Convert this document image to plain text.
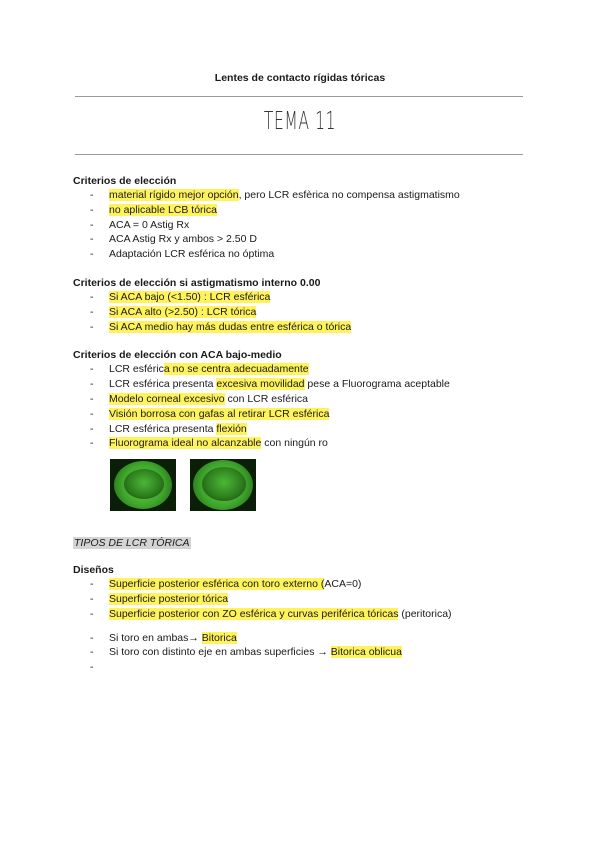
Lentes de contacto rígidas tóricas
TEMA 11
Criterios de elección
- material rígido mejor opción, pero LCR esfèrica no compensa astigmatismo
- no aplicable LCB tórica
- ACA = 0 Astig Rx
- ACA Astig Rx y ambos > 2.50 D
- Adaptación LCR esférica no óptima
Criterios de elección si astigmatismo interno 0.00
- Si ACA bajo (<1.50) : LCR esférica
- Si ACA alto (>2.50) : LCR tórica
- Si ACA medio hay más dudas entre esférica o tórica
Criterios de elección con ACA bajo-medio
- LCR esférica no se centra adecuadamente
- LCR esférica presenta excesiva movilidad pese a Fluorograma aceptable
- Modelo corneal excesivo con LCR esférica
- Visión borrosa con gafas al retirar LCR esférica
- LCR esférica presenta flexión
- Fluorograma ideal no alcanzable con ningún ro
TIPOS DE LCR TÓRICA
Diseños
- Superficie posterior esférica con toro externo (ACA=0)
- Superficie posterior tórica
- Superficie posterior con ZO esférica y curvas periférica tóricas (peritorica)
- Si toro en ambas→ Bitorica
- Si toro con distinto eje en ambas superficies → Bitorica oblicua
